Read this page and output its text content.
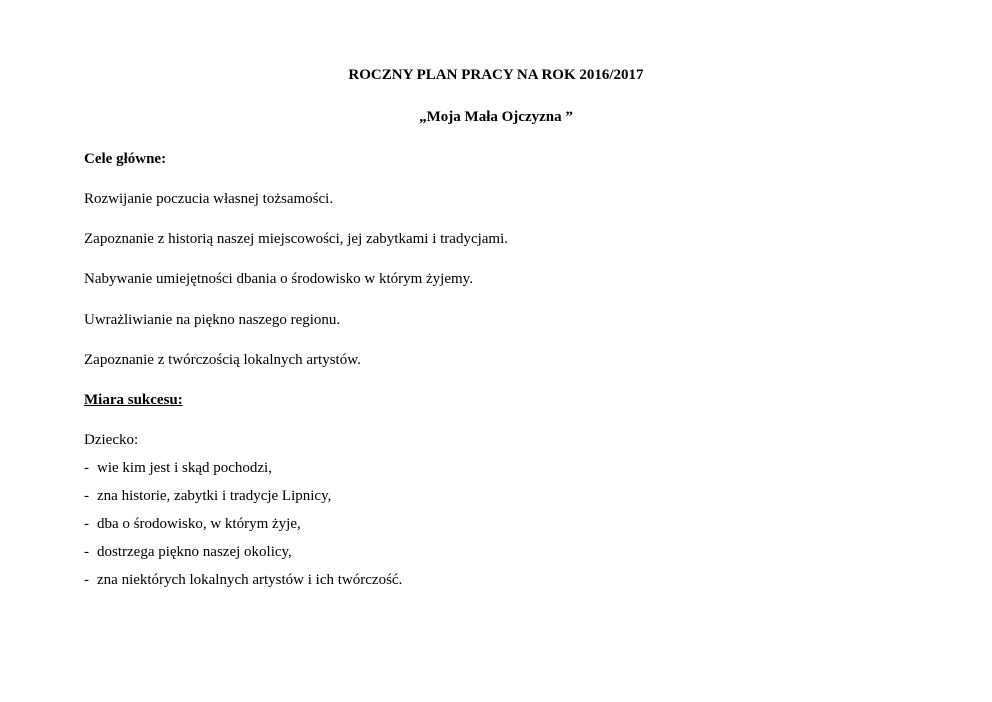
ROCZNY PLAN PRACY NA ROK 2016/2017
„Moja Mała Ojczyzna ”
Cele główne:
Rozwijanie poczucia własnej tożsamości.
Zapoznanie z historią naszej miejscowości, jej zabytkami i tradycjami.
Nabywanie umiejętności dbania o środowisko w którym żyjemy.
Uwrażliwianie na piękno naszego regionu.
Zapoznanie z twórczością lokalnych artystów.
Miara sukcesu:
Dziecko:
- wie kim jest i skąd pochodzi,
- zna historie, zabytki i tradycje Lipnicy,
- dba o środowisko, w którym żyje,
- dostrzega piękno naszej okolicy,
- zna niektórych lokalnych artystów i ich twórczość.
